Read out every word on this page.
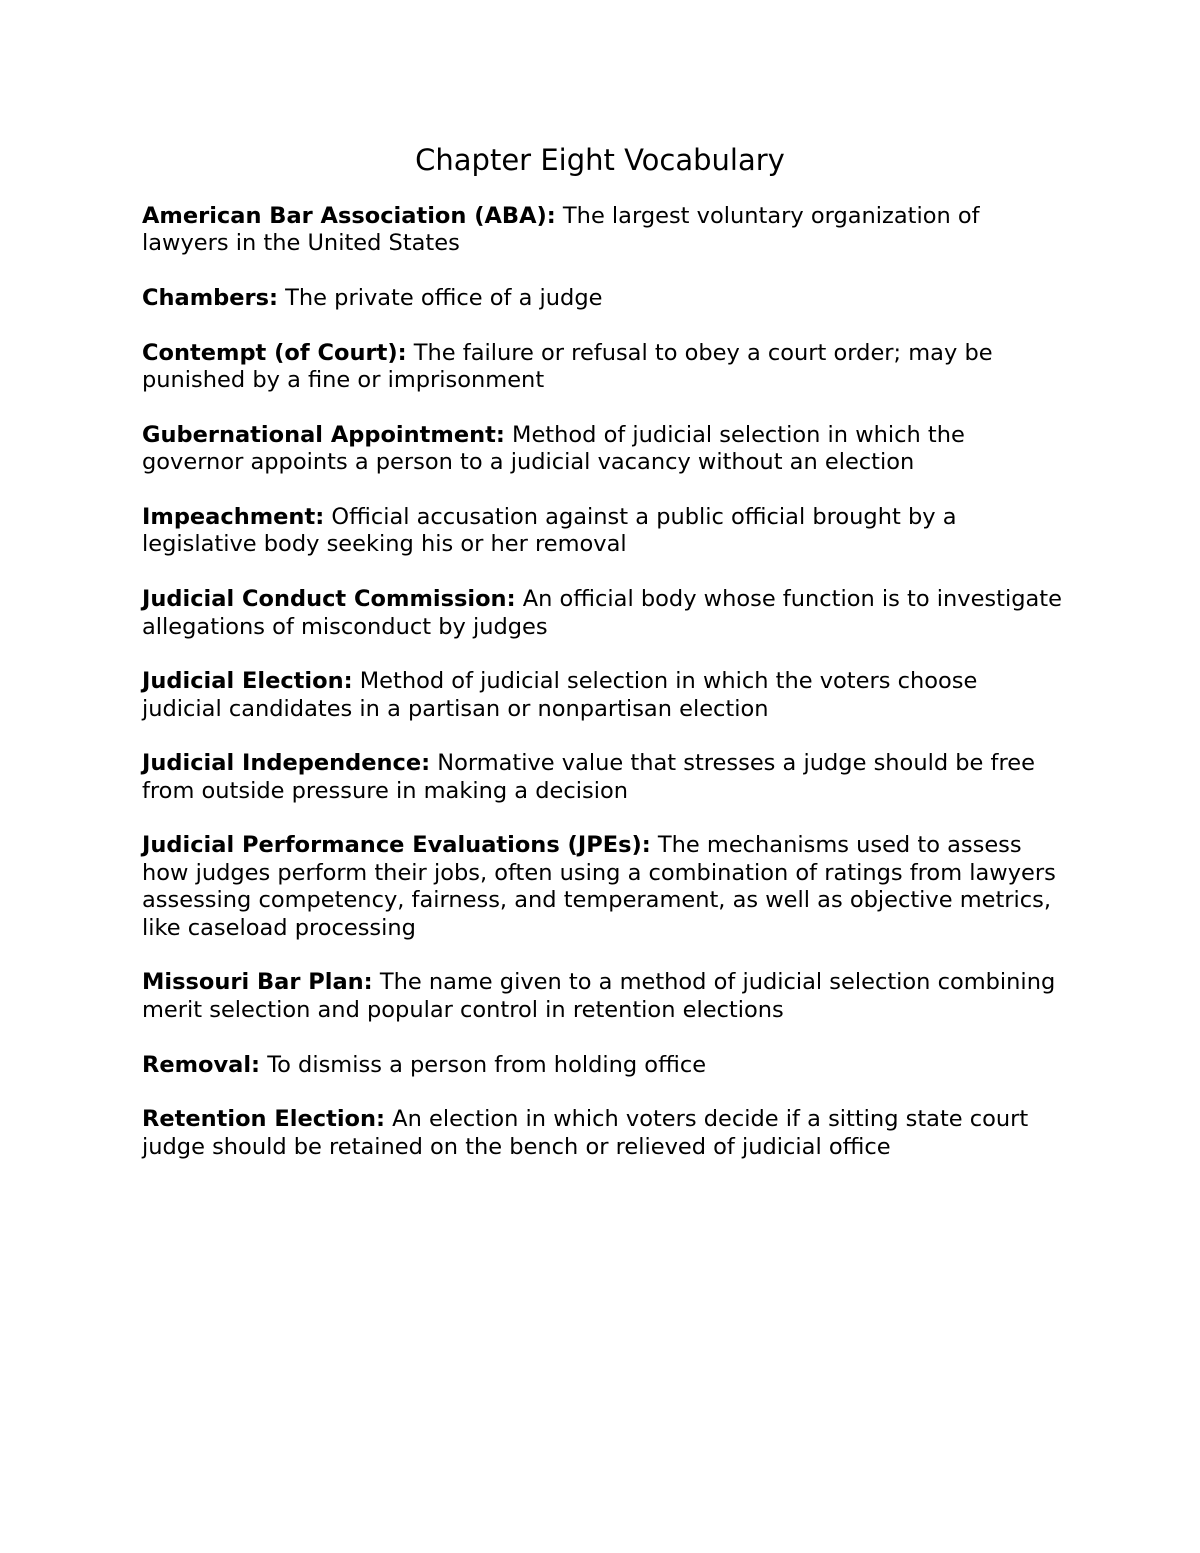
Chapter Eight Vocabulary

American Bar Association (ABA): The largest voluntary organization of lawyers in the United States

Chambers: The private office of a judge

Contempt (of Court): The failure or refusal to obey a court order; may be punished by a fine or imprisonment

Gubernational Appointment: Method of judicial selection in which the governor appoints a person to a judicial vacancy without an election

Impeachment: Official accusation against a public official brought by a legislative body seeking his or her removal

Judicial Conduct Commission: An official body whose function is to investigate allegations of misconduct by judges

Judicial Election: Method of judicial selection in which the voters choose judicial candidates in a partisan or nonpartisan election

Judicial Independence: Normative value that stresses a judge should be free from outside pressure in making a decision

Judicial Performance Evaluations (JPEs): The mechanisms used to assess how judges perform their jobs, often using a combination of ratings from lawyers assessing competency, fairness, and temperament, as well as objective metrics, like caseload processing

Missouri Bar Plan: The name given to a method of judicial selection combining merit selection and popular control in retention elections

Removal: To dismiss a person from holding office

Retention Election: An election in which voters decide if a sitting state court judge should be retained on the bench or relieved of judicial office
